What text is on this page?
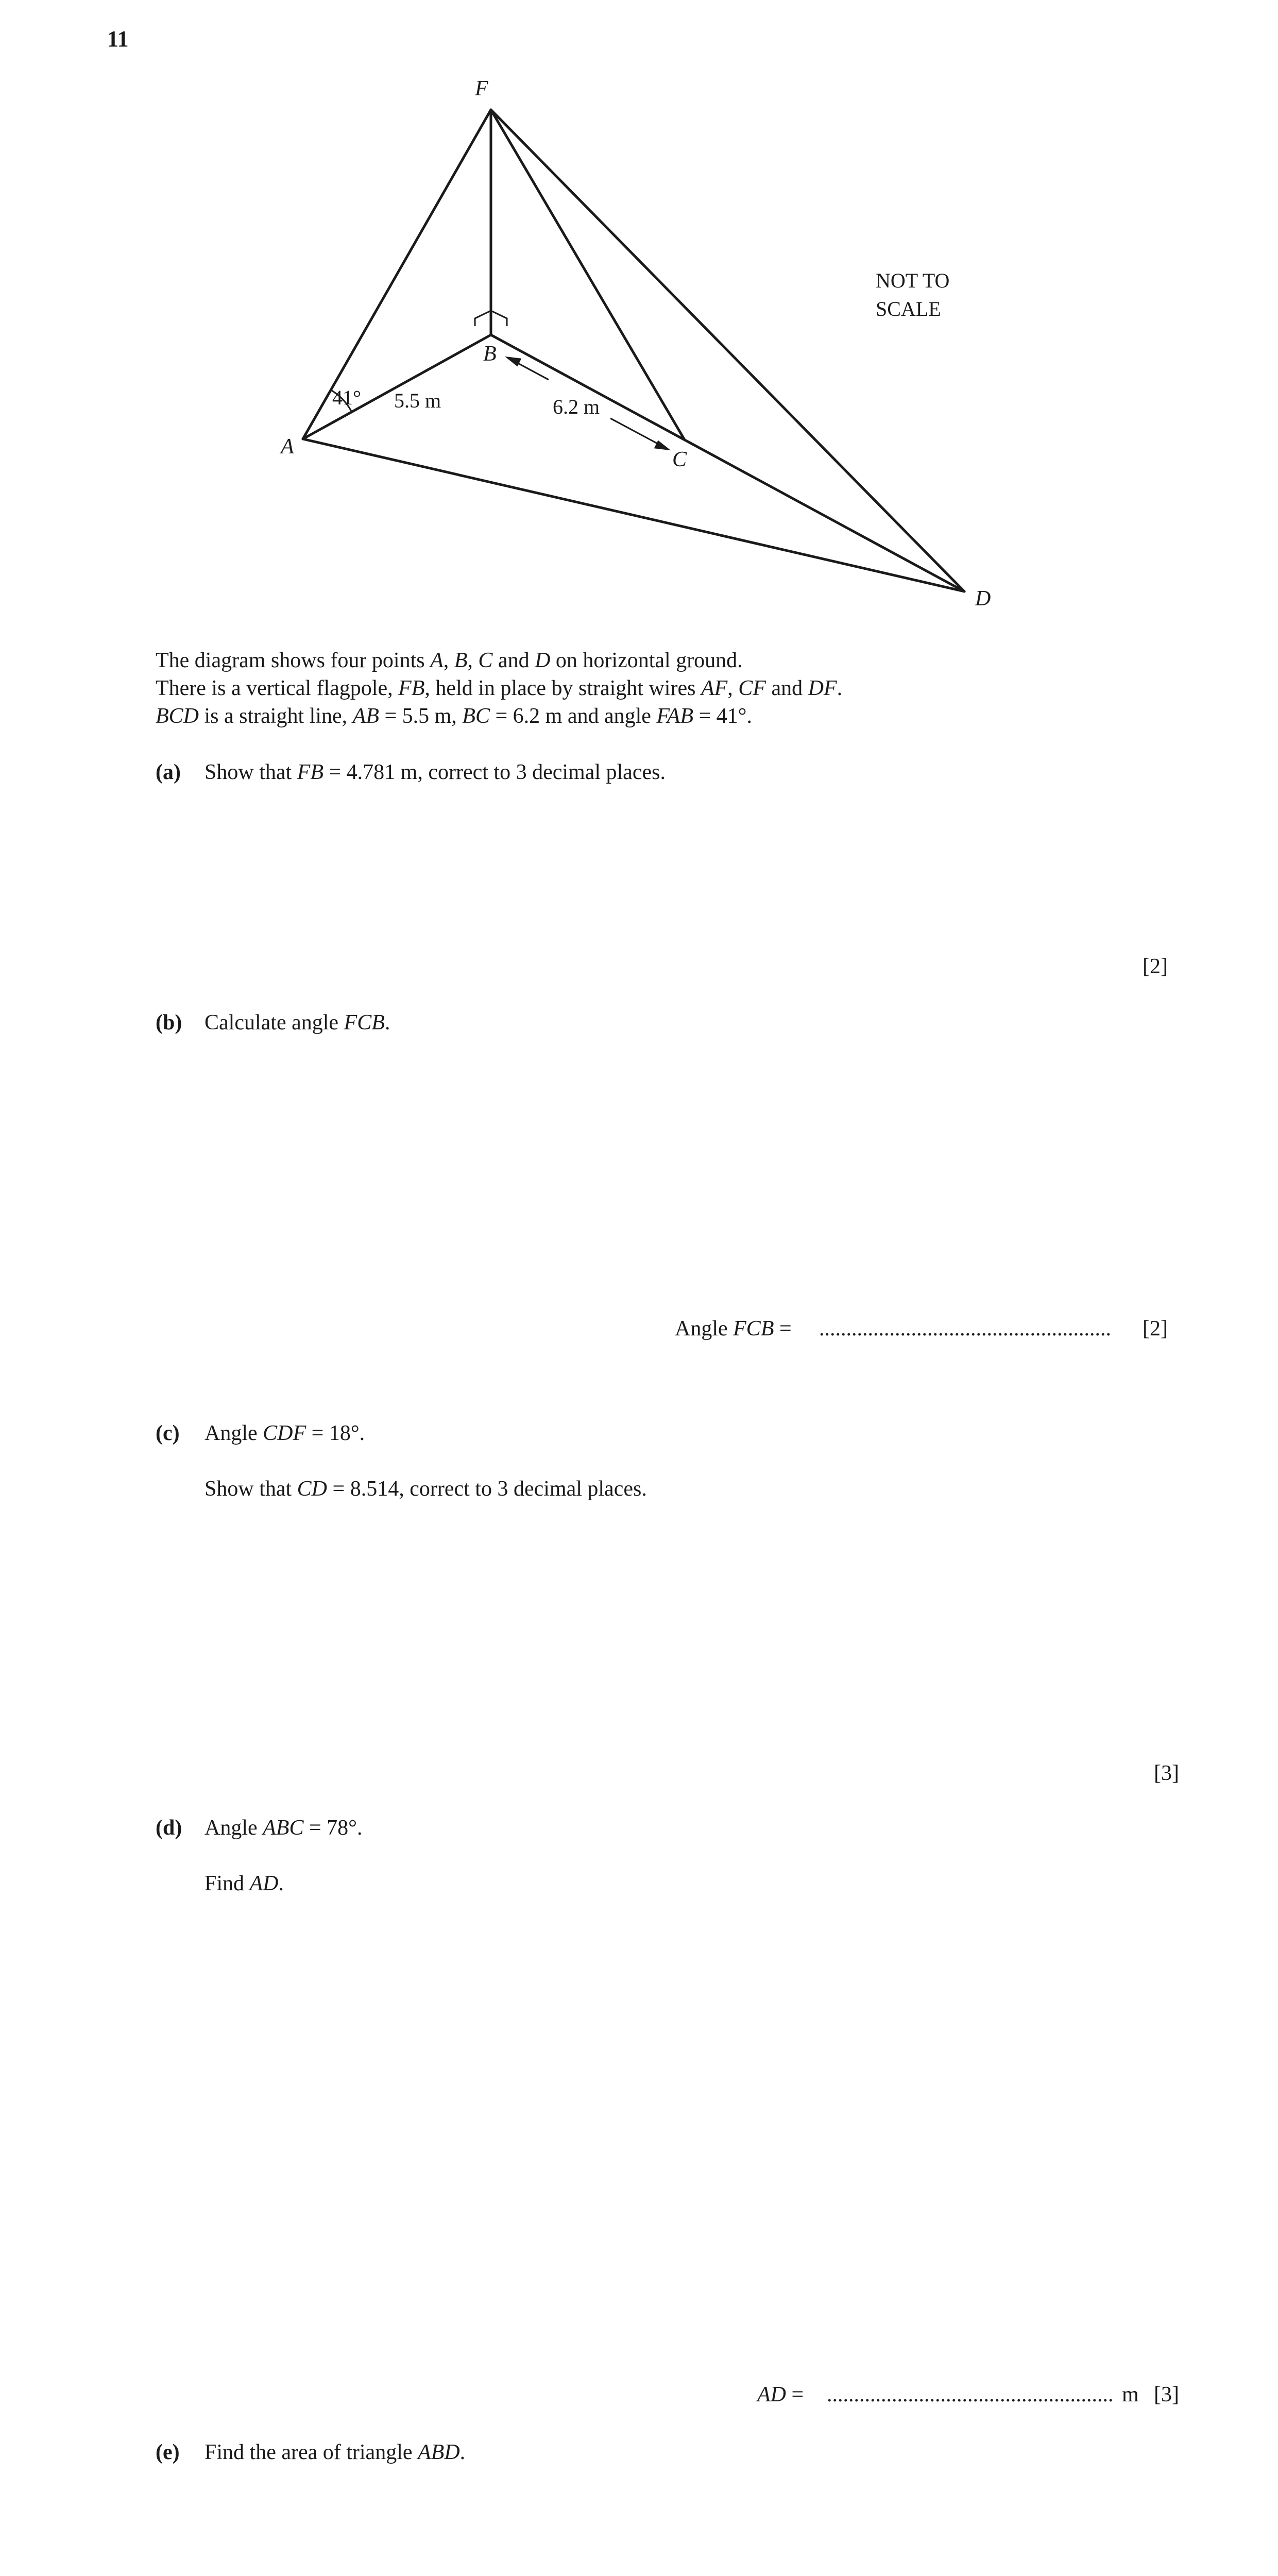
11
F
B
A
C
D
41° 5.5 m	6.2 m
NOT TO
SCALE
The diagram shows four points A, B, C and D on horizontal ground.
There is a vertical flagpole, FB, held in place by straight wires AF, CF and DF.
BCD is a straight line, AB = 5.5 m, BC = 6.2 m and angle FAB = 41°.
(a) Show that FB = 4.781 m, correct to 3 decimal places.
[2]
(b) Calculate angle FCB.
Angle FCB = ...................................................... [2]
(c) Angle CDF = 18°.
Show that CD = 8.514, correct to 3 decimal places.
[3]
(d) Angle ABC = 78°.
Find AD.
AD = ..................................................... m [3]
(e) Find the area of triangle ABD.
